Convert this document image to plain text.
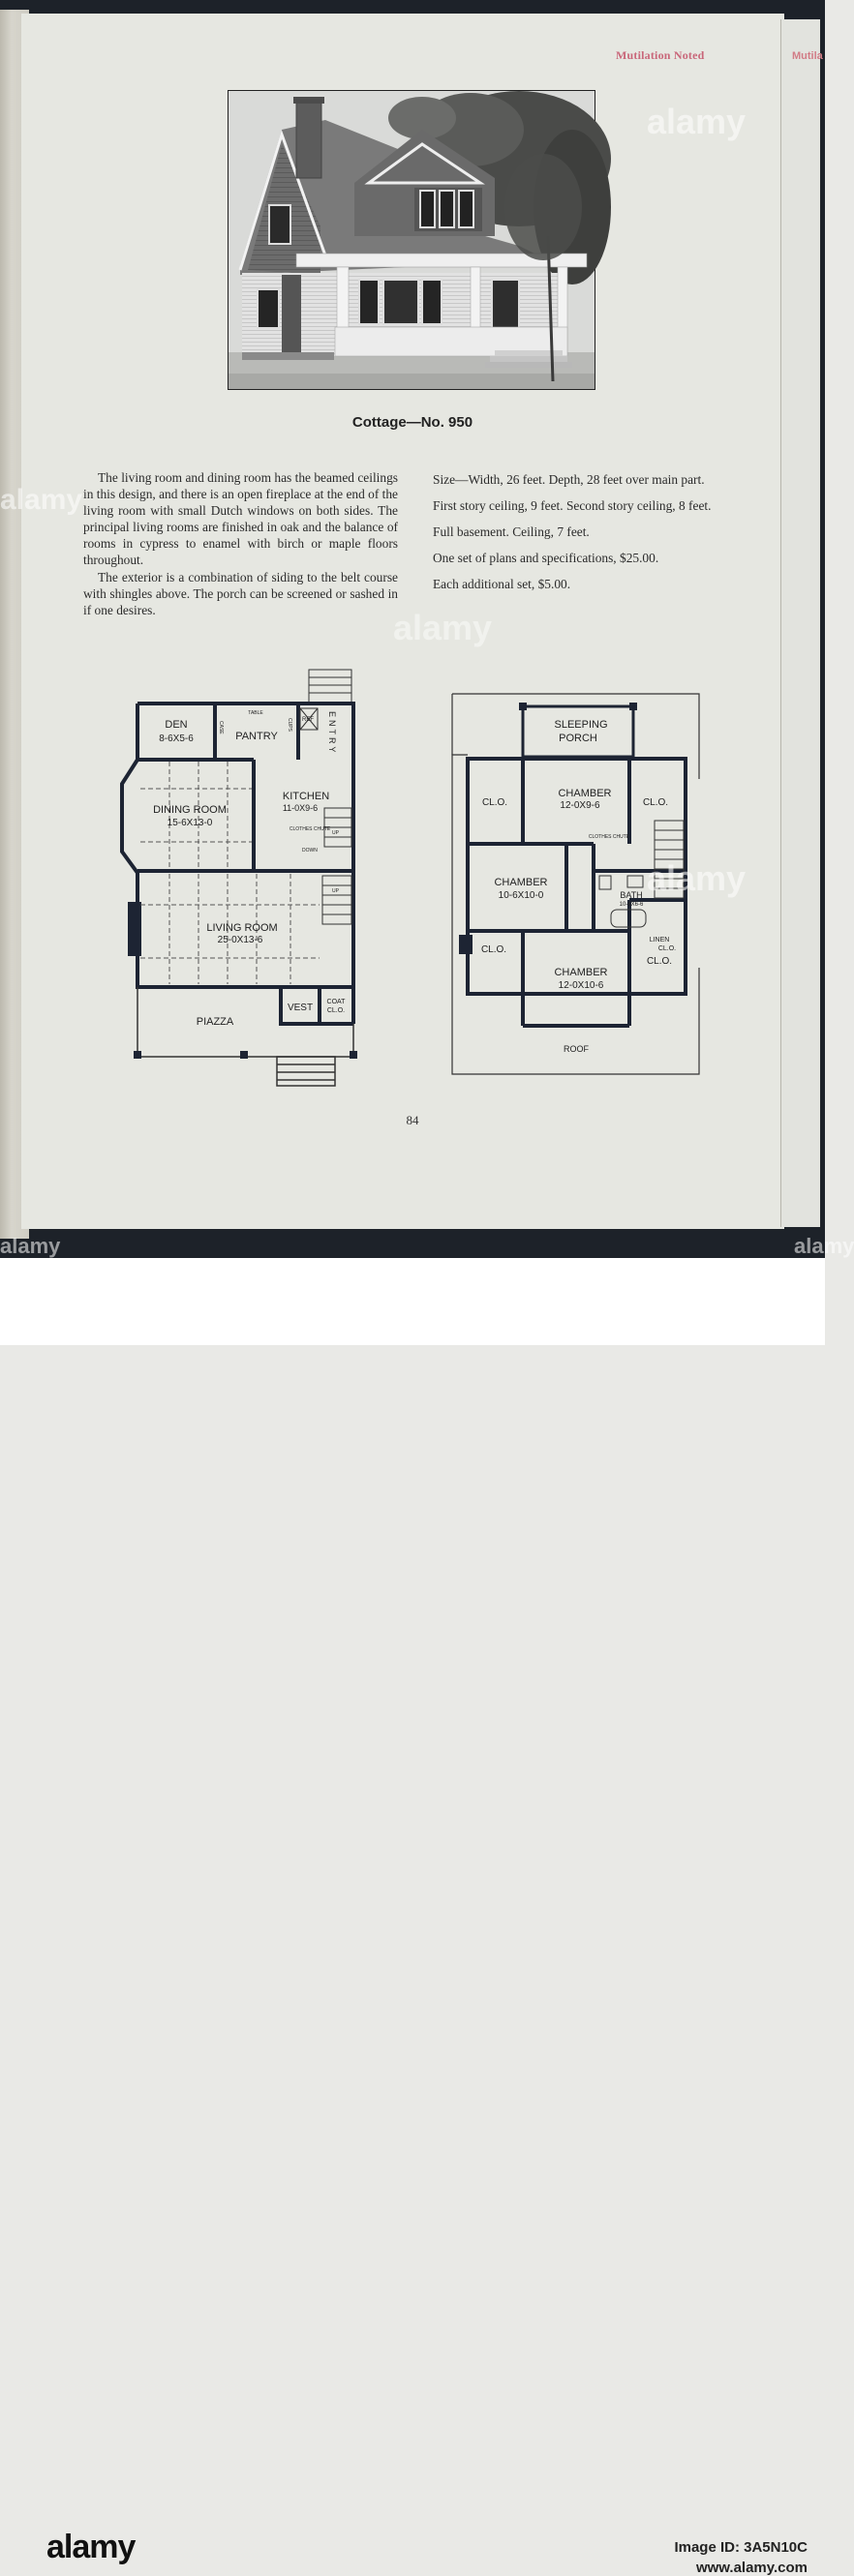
Mutila
Mutilation Noted
Cottage—No. 950

The living room and dining room has the beamed ceilings in this design, and there is an open fireplace at the end of the living room with small Dutch windows on both sides. The principal living rooms are finished in oak and the balance of rooms in cypress to enamel with birch or maple floors throughout.

The exterior is a combination of siding to the belt course with shingles above. The porch can be screened or sashed in if one desires.

Size—Width, 26 feet. Depth, 28 feet over main part.

First story ceiling, 9 feet. Second story ceiling, 8 feet.

Full basement. Ceiling, 7 feet.

One set of plans and specifications, $25.00.

Each additional set, $5.00.

DEN
8-6X5-6	PANTRY
TABLE
CASE	CUPS REF ENTRY
KITCHEN
11-0X9-6
CLOTHES CHUTE
UP
DOWN
UP
DINING ROOM
15-6X13-0
LIVING ROOM
25-0X13-6
VEST
COAT
CL.O.
PIAZZA
SLEEPING
PORCH
CHAMBER
12-0X9-6
CL.O.	CL.O.
CLOTHES CHUTE
CHAMBER
10-6X10-0	BATH
10-6X6-6
LINEN
CL.O.
CL.O.
CL.O.
CHAMBER
12-0X10-6
ROOF
84
alamy
alamy
alamy
alamy
alamy
alamy
alamy	Image ID: 3A5N10C
www.alamy.com
